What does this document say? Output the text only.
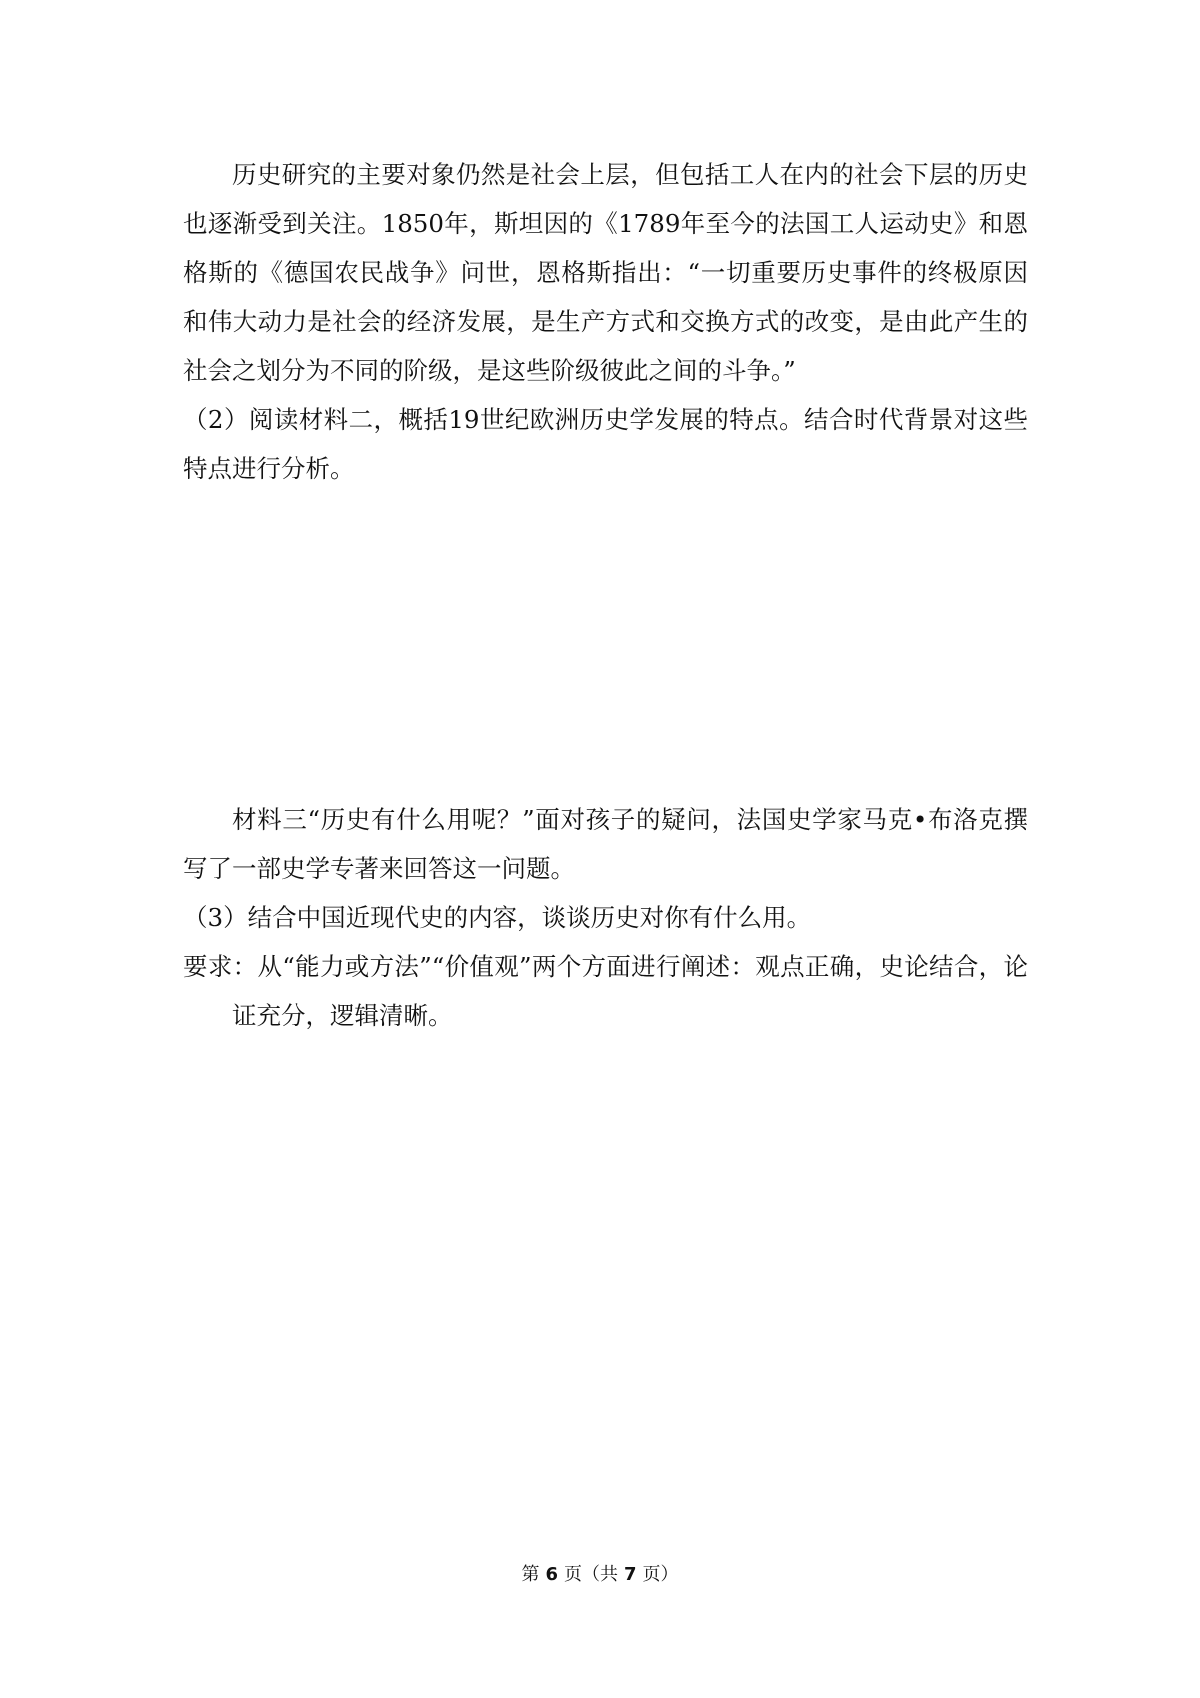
历史研究的主要对象仍然是社会上层，但包括工人在内的社会下层的历史也逐渐受到关注。1850年，斯坦因的《1789年至今的法国工人运动史》和恩格斯的《德国农民战争》问世，恩格斯指出：“一切重要历史事件的终极原因和伟大动力是社会的经济发展，是生产方式和交换方式的改变，是由此产生的社会之划分为不同的阶级，是这些阶级彼此之间的斗争。”

（2）阅读材料二，概括19世纪欧洲历史学发展的特点。结合时代背景对这些特点进行分析。

材料三“历史有什么用呢？”面对孩子的疑问，法国史学家马克•布洛克撰写了一部史学专著来回答这一问题。

（3）结合中国近现代史的内容，谈谈历史对你有什么用。

要求：从“能力或方法”“价值观”两个方面进行阐述：观点正确，史论结合，论证充分，逻辑清晰。

第 6 页（共 7 页）
